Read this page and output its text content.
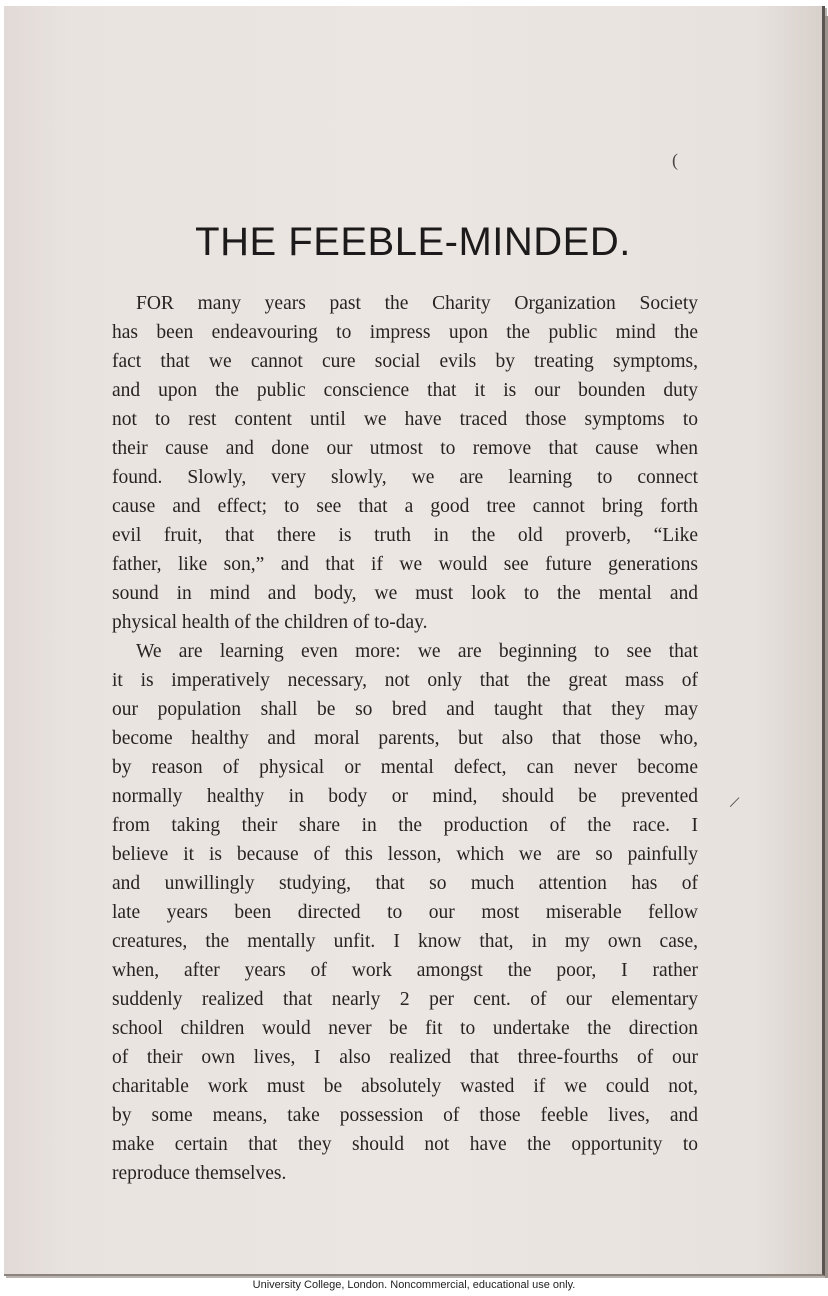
THE FEEBLE-MINDED.
(
/
FOR many years past the Charity Organization Society
has been endeavouring to impress upon the public mind the
fact that we cannot cure social evils by treating symptoms,
and upon the public conscience that it is our bounden duty
not to rest content until we have traced those symptoms to
their cause and done our utmost to remove that cause when
found. Slowly, very slowly, we are learning to connect
cause and effect; to see that a good tree cannot bring forth
evil fruit, that there is truth in the old proverb, “Like
father, like son,” and that if we would see future generations
sound in mind and body, we must look to the mental and
physical health of the children of to-day.
We are learning even more: we are beginning to see that
it is imperatively necessary, not only that the great mass of
our population shall be so bred and taught that they may
become healthy and moral parents, but also that those who,
by reason of physical or mental defect, can never become
normally healthy in body or mind, should be prevented
from taking their share in the production of the race. I
believe it is because of this lesson, which we are so painfully
and unwillingly studying, that so much attention has of
late years been directed to our most miserable fellow
creatures, the mentally unfit. I know that, in my own case,
when, after years of work amongst the poor, I rather
suddenly realized that nearly 2 per cent. of our elementary
school children would never be fit to undertake the direction
of their own lives, I also realized that three-fourths of our
charitable work must be absolutely wasted if we could not,
by some means, take possession of those feeble lives, and
make certain that they should not have the opportunity to
reproduce themselves.
University College, London. Noncommercial, educational use only.
